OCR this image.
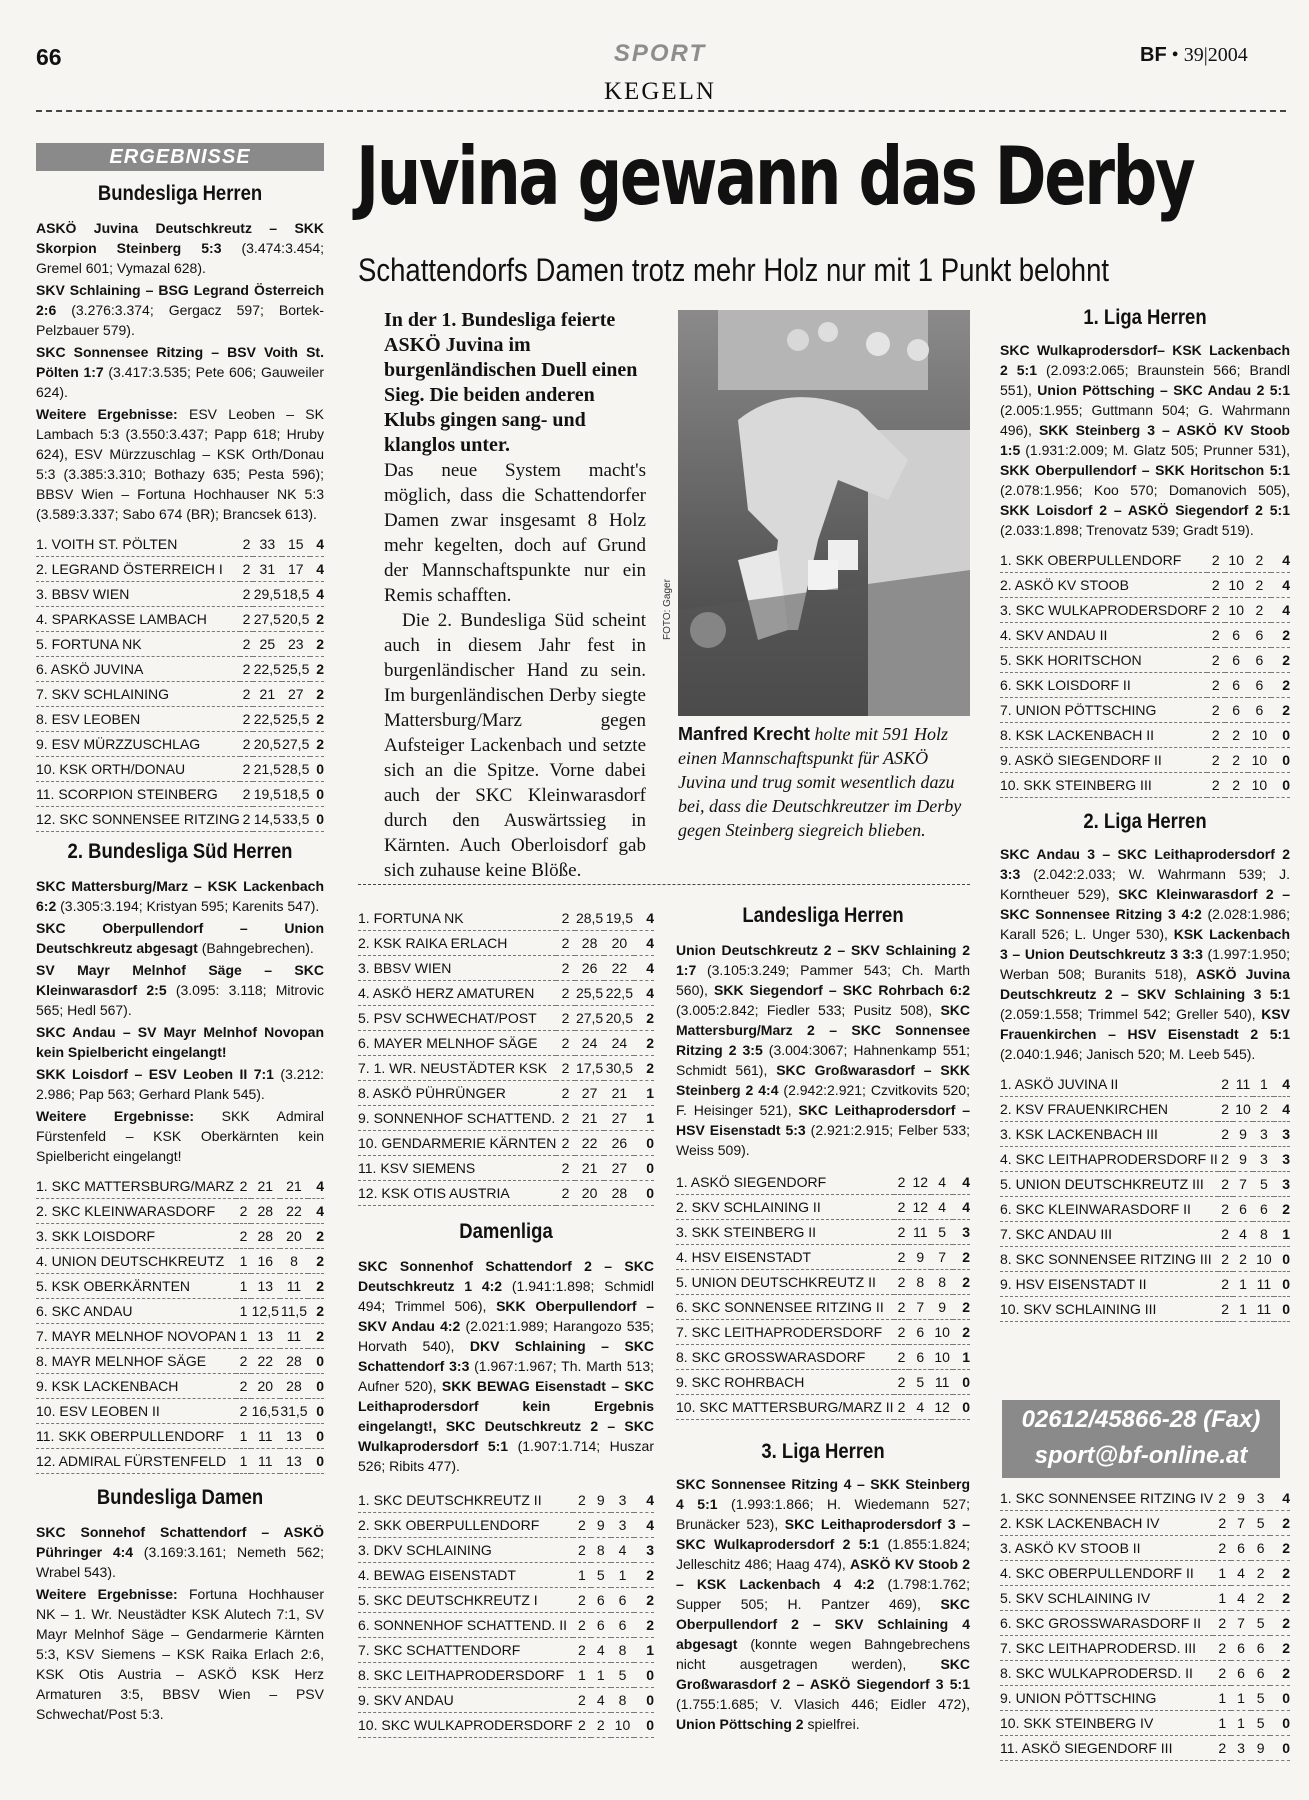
66	SPORT
KEGELN
BF • 39|2004
ERGEBNISSE
Bundesliga Herren

ASKÖ Juvina Deutschkreutz – SKK Skorpion Steinberg 5:3 (3.474:3.454; Gremel 601; Vymazal 628).

SKV Schlaining – BSG Legrand Österreich 2:6 (3.276:3.374; Gergacz 597; Bortek-Pelzbauer 579).

SKC Sonnensee Ritzing – BSV Voith St. Pölten 1:7 (3.417:3.535; Pete 606; Gauweiler 624).

Weitere Ergebnisse: ESV Leoben – SK Lambach 5:3 (3.550:3.437; Papp 618; Hruby 624), ESV Mürzzuschlag – KSK Orth/Donau 5:3 (3.385:3.310; Bothazy 635; Pesta 596); BBSV Wien – Fortuna Hochhauser NK 5:3 (3.589:3.337; Sabo 674 (BR); Brancsek 613).

1. VOITH ST. PÖLTEN	2	33	15	4
2. LEGRAND ÖSTERREICH I	2	31	17	4
3. BBSV WIEN	2	29,5	18,5	4
4. SPARKASSE LAMBACH	2	27,5	20,5	2
5. FORTUNA NK	2	25	23	2
6. ASKÖ JUVINA	2	22,5	25,5	2
7. SKV SCHLAINING	2	21	27	2
8. ESV LEOBEN	2	22,5	25,5	2
9. ESV MÜRZZUSCHLAG	2	20,5	27,5	2
10. KSK ORTH/DONAU	2	21,5	28,5	0
11. SCORPION STEINBERG	2	19,5	18,5	0
12. SKC SONNENSEE RITZING	2	14,5	33,5	0
2. Bundesliga Süd Herren

SKC Mattersburg/Marz – KSK Lackenbach 6:2 (3.305:3.194; Kristyan 595; Karenits 547).

SKC Oberpullendorf – Union Deutschkreutz abgesagt (Bahngebrechen).

SV Mayr Melnhof Säge – SKC Kleinwarasdorf 2:5 (3.095: 3.118; Mitrovic 565; Hedl 567).

SKC Andau – SV Mayr Melnhof Novopan kein Spielbericht eingelangt!

SKK Loisdorf – ESV Leoben II 7:1 (3.212: 2.986; Pap 563; Gerhard Plank 545).

Weitere Ergebnisse: SKK Admiral Fürstenfeld – KSK Oberkärnten kein Spielbericht eingelangt!

1. SKC MATTERSBURG/MARZ	2	21	21	4
2. SKC KLEINWARASDORF	2	28	22	4
3. SKK LOISDORF	2	28	20	2
4. UNION DEUTSCHKREUTZ	1	16	8	2
5. KSK OBERKÄRNTEN	1	13	11	2
6. SKC ANDAU	1	12,5	11,5	2
7. MAYR MELNHOF NOVOPAN	1	13	11	2
8. MAYR MELNHOF SÄGE	2	22	28	0
9. KSK LACKENBACH	2	20	28	0
10. ESV LEOBEN II	2	16,5	31,5	0
11. SKK OBERPULLENDORF	1	11	13	0
12. ADMIRAL FÜRSTENFELD	1	11	13	0
Bundesliga Damen

SKC Sonnehof Schattendorf – ASKÖ Pühringer 4:4 (3.169:3.161; Nemeth 562; Wrabel 543).

Weitere Ergebnisse: Fortuna Hochhauser NK – 1. Wr. Neustädter KSK Alutech 7:1, SV Mayr Melnhof Säge – Gendarmerie Kärnten 5:3, KSV Siemens – KSK Raika Erlach 2:6, KSK Otis Austria – ASKÖ KSK Herz Armaturen 3:5, BBSV Wien – PSV Schwechat/Post 5:3.

Juvina gewann das Derby
Schattendorfs Damen trotz mehr Holz nur mit 1 Punkt belohnt
In der 1. Bundesliga feierte ASKÖ Juvina im burgenländischen Duell einen Sieg. Die beiden anderen Klubs gingen sang- und klanglos unter.

Das neue System macht's möglich, dass die Schattendorfer Damen zwar insgesamt 8 Holz mehr kegelten, doch auf Grund der Mannschaftspunkte nur ein Remis schafften.

Die 2. Bundesliga Süd scheint auch in diesem Jahr fest in burgenländischer Hand zu sein. Im burgenländischen Derby siegte Mattersburg/Marz gegen Aufsteiger Lackenbach und setzte sich an die Spitze. Vorne dabei auch der SKC Kleinwarasdorf durch den Auswärtssieg in Kärnten. Auch Oberloisdorf gab sich zuhause keine Blöße.

FOTO: Gager
Manfred Krecht holte mit 591 Holz einen Mannschaftspunkt für ASKÖ Juvina und trug somit wesentlich dazu bei, dass die Deutschkreutzer im Derby gegen Steinberg siegreich blieben.
1. FORTUNA NK	2	28,5	19,5	4
2. KSK RAIKA ERLACH	2	28	20	4
3. BBSV WIEN	2	26	22	4
4. ASKÖ HERZ AMATUREN	2	25,5	22,5	4
5. PSV SCHWECHAT/POST	2	27,5	20,5	2
6. MAYER MELNHOF SÄGE	2	24	24	2
7. 1. WR. NEUSTÄDTER KSK	2	17,5	30,5	2
8. ASKÖ PÜHRÜNGER	2	27	21	1
9. SONNENHOF SCHATTEND.	2	21	27	1
10. GENDARMERIE KÄRNTEN	2	22	26	0
11. KSV SIEMENS	2	21	27	0
12. KSK OTIS AUSTRIA	2	20	28	0
Damenliga

SKC Sonnenhof Schattendorf 2 – SKC Deutschkreutz 1 4:2 (1.941:1.898; Schmidl 494; Trimmel 506), SKK Oberpullendorf – SKV Andau 4:2 (2.021:1.989; Harangozo 535; Horvath 540), DKV Schlaining – SKC Schattendorf 3:3 (1.967:1.967; Th. Marth 513; Aufner 520), SKK BEWAG Eisenstadt – SKC Leithaprodersdorf kein Ergebnis eingelangt!, SKC Deutschkreutz 2 – SKC Wulkaprodersdorf 5:1 (1.907:1.714; Huszar 526; Ribits 477).

1. SKC DEUTSCHKREUTZ II	2	9	3	4
2. SKK OBERPULLENDORF	2	9	3	4
3. DKV SCHLAINING	2	8	4	3
4. BEWAG EISENSTADT	1	5	1	2
5. SKC DEUTSCHKREUTZ I	2	6	6	2
6. SONNENHOF SCHATTEND. II	2	6	6	2
7. SKC SCHATTENDORF	2	4	8	1
8. SKC LEITHAPRODERSDORF	1	1	5	0
9. SKV ANDAU	2	4	8	0
10. SKC WULKAPRODERSDORF	2	2	10	0
Landesliga Herren

Union Deutschkreutz 2 – SKV Schlaining 2 1:7 (3.105:3.249; Pammer 543; Ch. Marth 560), SKK Siegendorf – SKC Rohrbach 6:2 (3.005:2.842; Fiedler 533; Pusitz 508), SKC Mattersburg/Marz 2 – SKC Sonnensee Ritzing 2 3:5 (3.004:3067; Hahnenkamp 551; Schmidt 561), SKC Großwarasdorf – SKK Steinberg 2 4:4 (2.942:2.921; Czvitkovits 520; F. Heisinger 521), SKC Leithaprodersdorf – HSV Eisenstadt 5:3 (2.921:2.915; Felber 533; Weiss 509).

1. ASKÖ SIEGENDORF	2	12	4	4
2. SKV SCHLAINING II	2	12	4	4
3. SKK STEINBERG II	2	11	5	3
4. HSV EISENSTADT	2	9	7	2
5. UNION DEUTSCHKREUTZ II	2	8	8	2
6. SKC SONNENSEE RITZING II	2	7	9	2
7. SKC LEITHAPRODERSDORF	2	6	10	2
8. SKC GROSSWARASDORF	2	6	10	1
9. SKC ROHRBACH	2	5	11	0
10. SKC MATTERSBURG/MARZ II	2	4	12	0
3. Liga Herren

SKC Sonnensee Ritzing 4 – SKK Steinberg 4 5:1 (1.993:1.866; H. Wiedemann 527; Brunäcker 523), SKC Leithaprodersdorf 3 – SKC Wulkaprodersdorf 2 5:1 (1.855:1.824; Jelleschitz 486; Haag 474), ASKÖ KV Stoob 2 – KSK Lackenbach 4 4:2 (1.798:1.762; Supper 505; H. Pantzer 469), SKC Oberpullendorf 2 – SKV Schlaining 4 abgesagt (konnte wegen Bahngebrechens nicht ausgetragen werden), SKC Großwarasdorf 2 – ASKÖ Siegendorf 3 5:1 (1.755:1.685; V. Vlasich 446; Eidler 472), Union Pöttsching 2 spielfrei.

1. Liga Herren

SKC Wulkaprodersdorf– KSK Lackenbach 2 5:1 (2.093:2.065; Braunstein 566; Brandl 551), Union Pöttsching – SKC Andau 2 5:1 (2.005:1.955; Guttmann 504; G. Wahrmann 496), SKK Steinberg 3 – ASKÖ KV Stoob 1:5 (1.931:2.009; M. Glatz 505; Prunner 531), SKK Oberpullendorf – SKK Horitschon 5:1 (2.078:1.956; Koo 570; Domanovich 505), SKK Loisdorf 2 – ASKÖ Siegendorf 2 5:1 (2.033:1.898; Trenovatz 539; Gradt 519).

1. SKK OBERPULLENDORF	2	10	2	4
2. ASKÖ KV STOOB	2	10	2	4
3. SKC WULKAPRODERSDORF	2	10	2	4
4. SKV ANDAU II	2	6	6	2
5. SKK HORITSCHON	2	6	6	2
6. SKK LOISDORF II	2	6	6	2
7. UNION PÖTTSCHING	2	6	6	2
8. KSK LACKENBACH II	2	2	10	0
9. ASKÖ SIEGENDORF II	2	2	10	0
10. SKK STEINBERG III	2	2	10	0
2. Liga Herren

SKC Andau 3 – SKC Leithaprodersdorf 2 3:3 (2.042:2.033; W. Wahrmann 539; J. Korntheuer 529), SKC Kleinwarasdorf 2 – SKC Sonnensee Ritzing 3 4:2 (2.028:1.986; Karall 526; L. Unger 530), KSK Lackenbach 3 – Union Deutschkreutz 3 3:3 (1.997:1.950; Werban 508; Buranits 518), ASKÖ Juvina Deutschkreutz 2 – SKV Schlaining 3 5:1 (2.059:1.558; Trimmel 542; Greller 540), KSV Frauenkirchen – HSV Eisenstadt 2 5:1 (2.040:1.946; Janisch 520; M. Leeb 545).

1. ASKÖ JUVINA II	2	11	1	4
2. KSV FRAUENKIRCHEN	2	10	2	4
3. KSK LACKENBACH III	2	9	3	3
4. SKC LEITHAPRODERSDORF II	2	9	3	3
5. UNION DEUTSCHKREUTZ III	2	7	5	3
6. SKC KLEINWARASDORF II	2	6	6	2
7. SKC ANDAU III	2	4	8	1
8. SKC SONNENSEE RITZING III	2	2	10	0
9. HSV EISENSTADT II	2	1	11	0
10. SKV SCHLAINING III	2	1	11	0
02612/45866-28 (Fax)
sport@bf-online.at
1. SKC SONNENSEE RITZING IV	2	9	3	4
2. KSK LACKENBACH IV	2	7	5	2
3. ASKÖ KV STOOB II	2	6	6	2
4. SKC OBERPULLENDORF II	1	4	2	2
5. SKV SCHLAINING IV	1	4	2	2
6. SKC GROSSWARASDORF II	2	7	5	2
7. SKC LEITHAPRODERSD. III	2	6	6	2
8. SKC WULKAPRODERSD. II	2	6	6	2
9. UNION PÖTTSCHING	1	1	5	0
10. SKK STEINBERG IV	1	1	5	0
11. ASKÖ SIEGENDORF III	2	3	9	0
